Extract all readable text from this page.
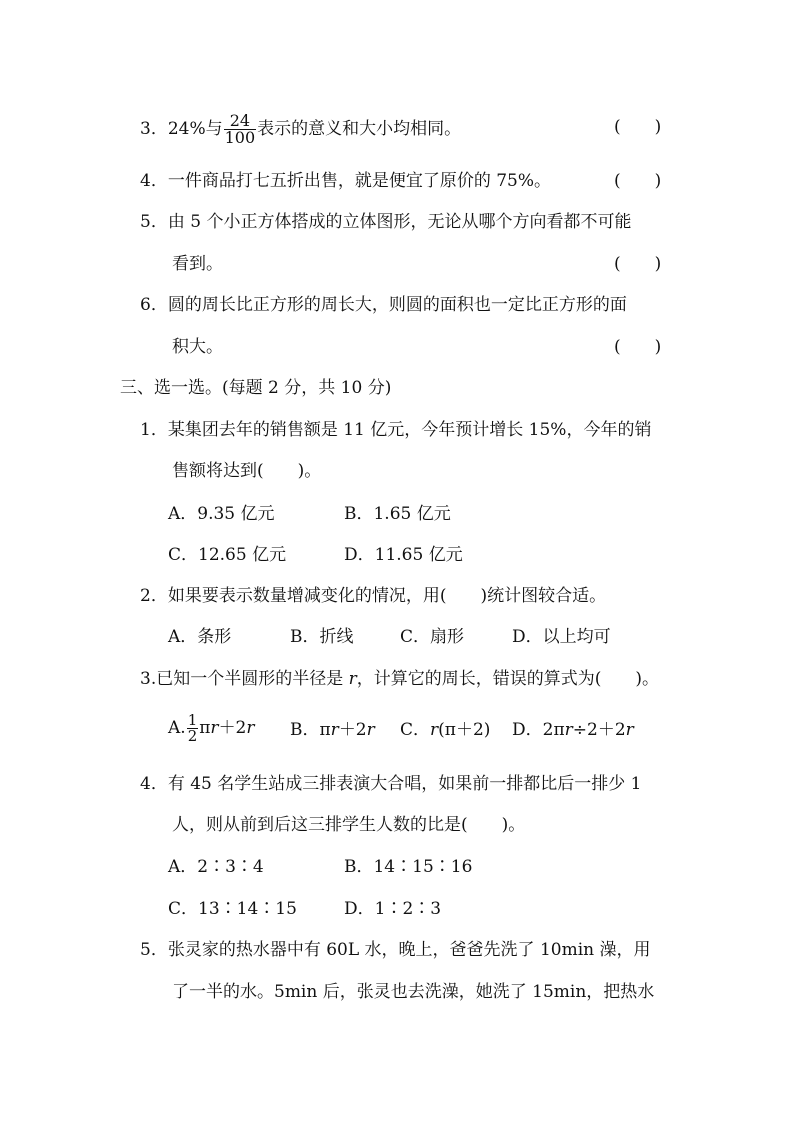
3．24%与 $\frac{24}{100}$ 表示的意义和大小均相同。	(　　)
4．一件商品打七五折出售，就是便宜了原价的 75%。	(　　)
5．由 5 个小正方体搭成的立体图形，无论从哪个方向看都不可能
看到。	(　　)
6．圆的周长比正方形的周长大，则圆的面积也一定比正方形的面
积大。	(　　)
三、选一选。(每题 2 分，共 10 分)
1．某集团去年的销售额是 11 亿元，今年预计增长 15%，今年的销
售额将达到(　　)。
A．9.35 亿元	B．1.65 亿元
C．12.65 亿元	D．11.65 亿元
2．如果要表示数量增减变化的情况，用(　　)统计图较合适。
A．条形	B．折线	C．扇形	D．以上均可
3.已知一个半圆形的半径是 r，计算它的周长，错误的算式为(　　)。
A. $\frac{1}{2} \pi r+2r$ B．πr＋2r C．r(π＋2) D．2πr÷2＋2r
4．有 45 名学生站成三排表演大合唱，如果前一排都比后一排少 1
人，则从前到后这三排学生人数的比是(　　)。
A．2∶3∶4	B．14∶15∶16
C．13∶14∶15	D．1∶2∶3
5．张灵家的热水器中有 60L 水，晚上，爸爸先洗了 10min 澡，用
了一半的水。5min 后，张灵也去洗澡，她洗了 15min，把热水
